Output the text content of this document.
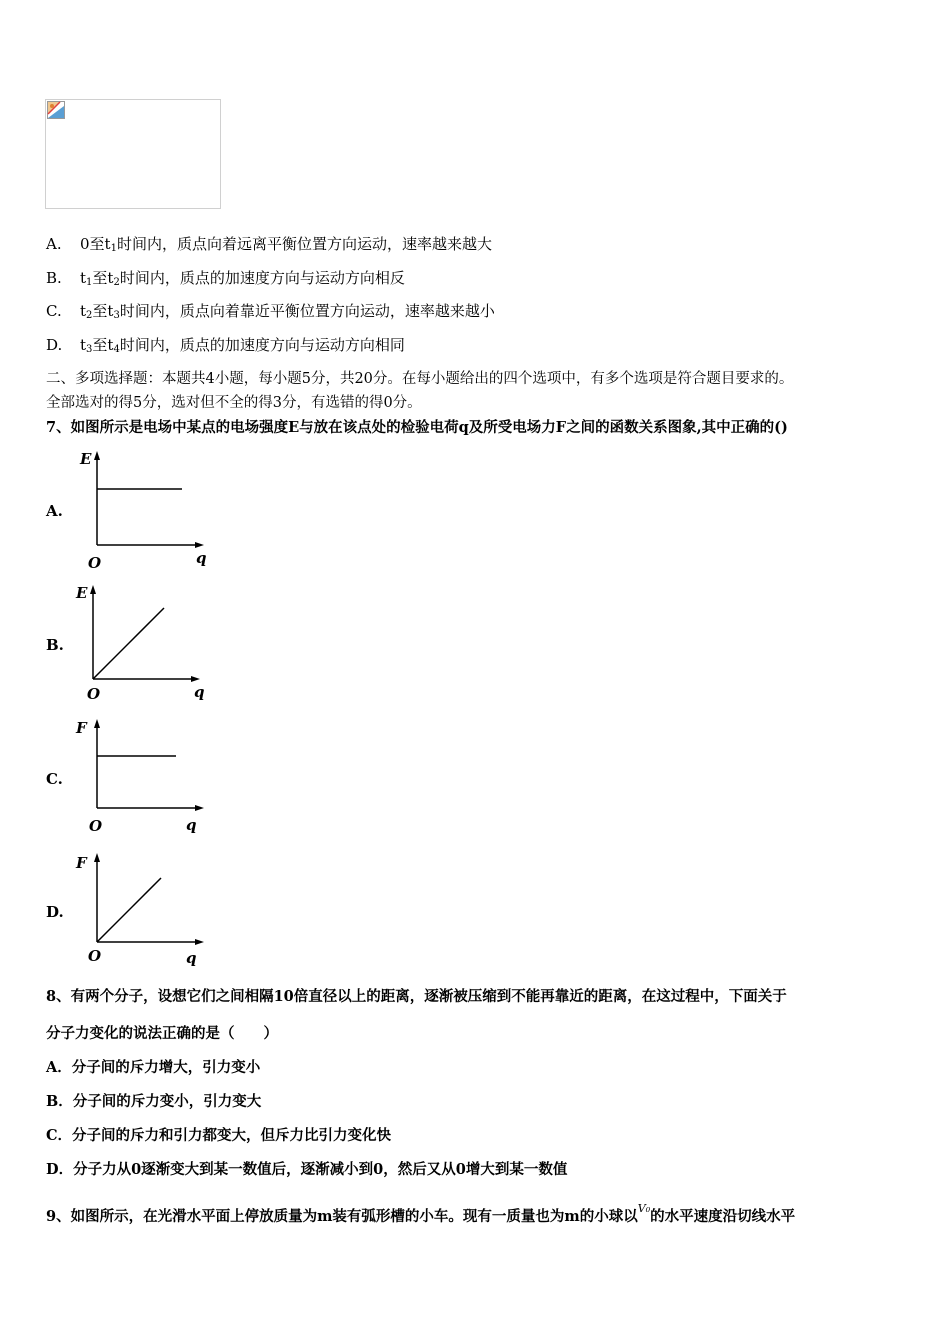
A. 0至$t_1$时间内，质点向着远离平衡位置方向运动，速率越来越大
B. $t_1$至$t_2$时间内，质点的加速度方向与运动方向相反
C. $t_2$至$t_3$时间内，质点向着靠近平衡位置方向运动，速率越来越小
D. $t_3$至$t_4$时间内，质点的加速度方向与运动方向相同
二、多项选择题：本题共4小题，每小题5分，共20分。在每小题给出的四个选项中，有多个选项是符合题目要求的。
全部选对的得5分，选对但不全的得3分，有选错的得0分。
7、如图所示是电场中某点的电场强度E与放在该点处的检验电荷q及所受电场力F之间的函数关系图象,其中正确的()
A.
E
q
O
B.
E
q
O
C.
F
q
O
D.
F
q
O
8、有两个分子，设想它们之间相隔10倍直径以上的距离，逐渐被压缩到不能再靠近的距离，在这过程中，下面关于
分子力变化的说法正确的是（　　）
A．分子间的斥力增大，引力变小
B．分子间的斥力变小，引力变大
C．分子间的斥力和引力都变大，但斥力比引力变化快
D．分子力从0逐渐变大到某一数值后，逐渐减小到0，然后又从0增大到某一数值
9、如图所示，在光滑水平面上停放质量为m装有弧形槽的小车。现有一质量也为m的小球以$^{V_0}$的水平速度沿切线水平
